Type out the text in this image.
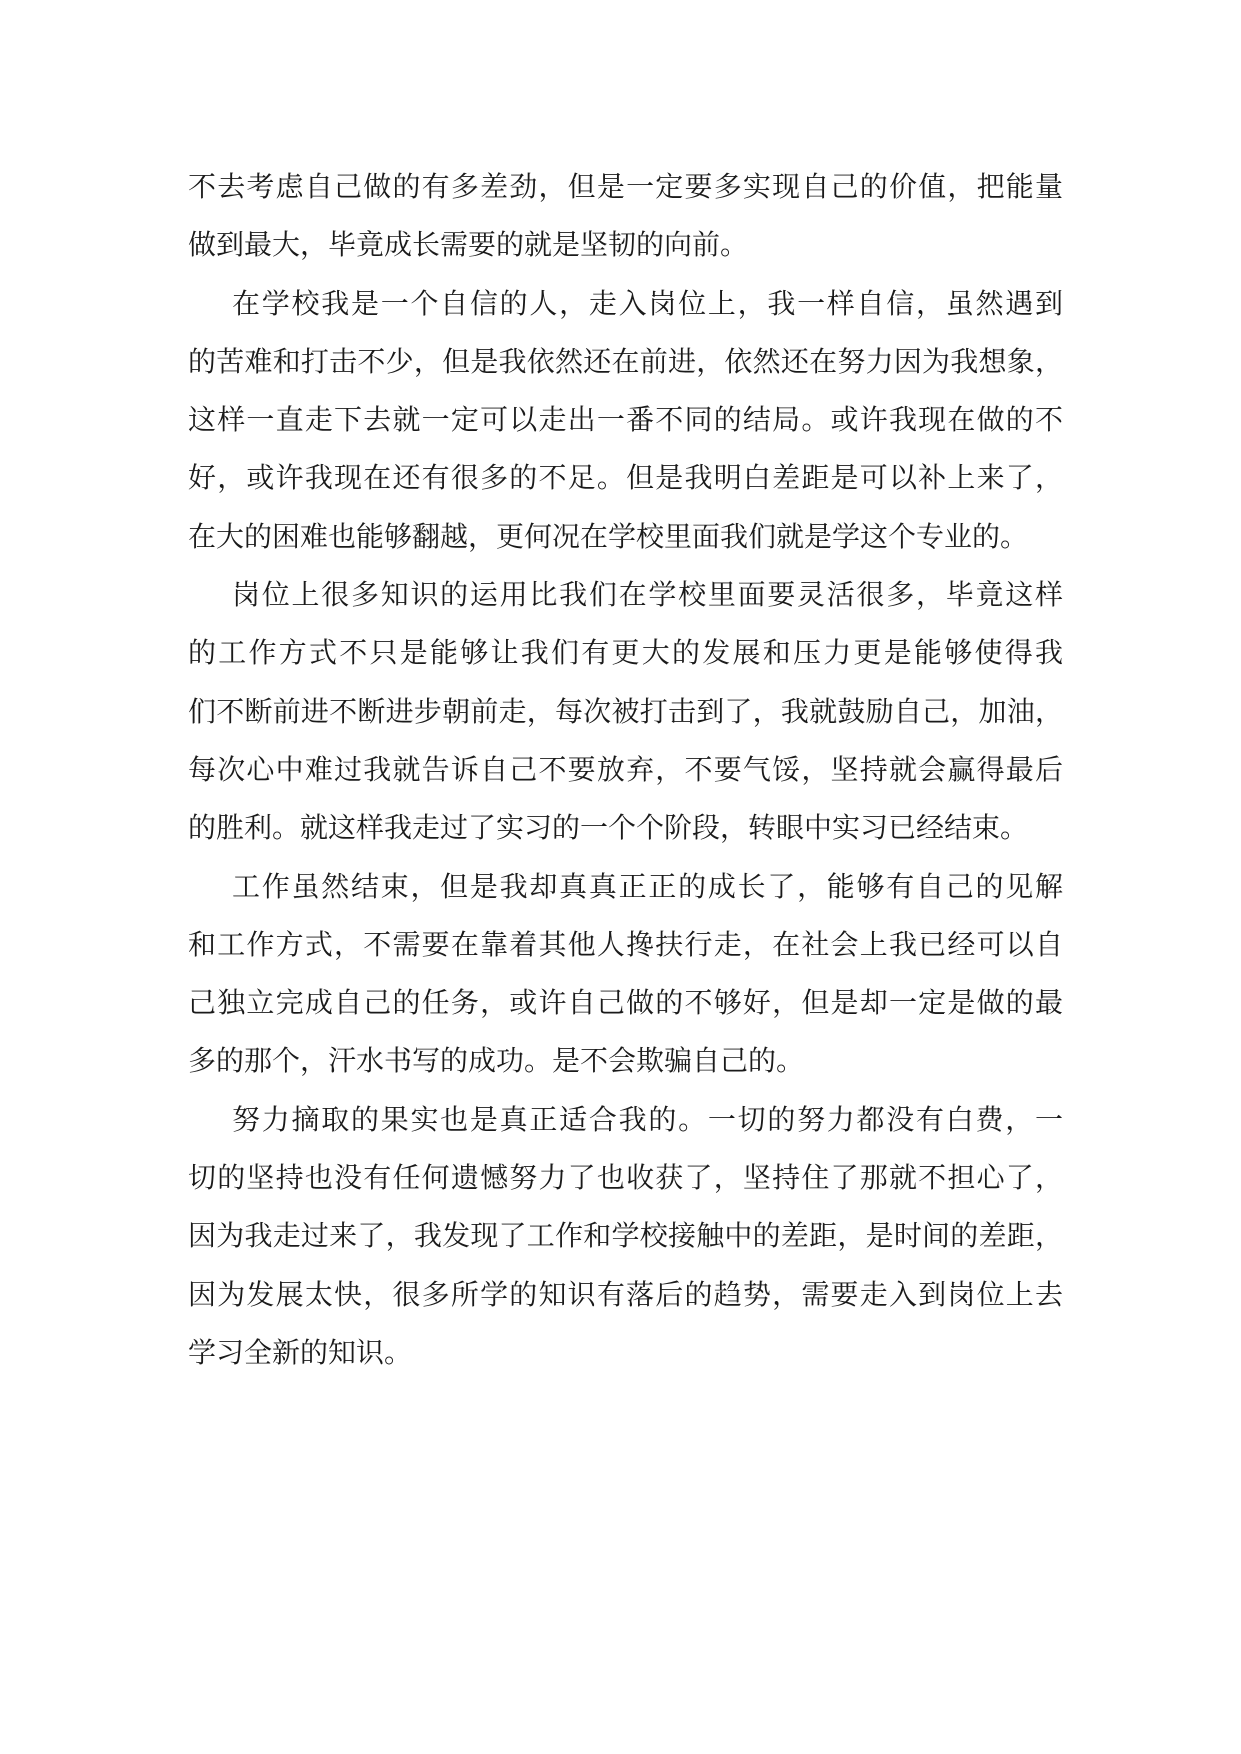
不去考虑自己做的有多差劲，但是一定要多实现自己的价值，把能量
做到最大，毕竟成长需要的就是坚韧的向前。
在学校我是一个自信的人，走入岗位上，我一样自信，虽然遇到
的苦难和打击不少，但是我依然还在前进，依然还在努力因为我想象，
这样一直走下去就一定可以走出一番不同的结局。或许我现在做的不
好，或许我现在还有很多的不足。但是我明白差距是可以补上来了，
在大的困难也能够翻越，更何况在学校里面我们就是学这个专业的。
岗位上很多知识的运用比我们在学校里面要灵活很多，毕竟这样
的工作方式不只是能够让我们有更大的发展和压力更是能够使得我
们不断前进不断进步朝前走，每次被打击到了，我就鼓励自己，加油，
每次心中难过我就告诉自己不要放弃，不要气馁，坚持就会赢得最后
的胜利。就这样我走过了实习的一个个阶段，转眼中实习已经结束。
工作虽然结束，但是我却真真正正的成长了，能够有自己的见解
和工作方式，不需要在靠着其他人搀扶行走，在社会上我已经可以自
己独立完成自己的任务，或许自己做的不够好，但是却一定是做的最
多的那个，汗水书写的成功。是不会欺骗自己的。
努力摘取的果实也是真正适合我的。一切的努力都没有白费，一
切的坚持也没有任何遗憾努力了也收获了，坚持住了那就不担心了，
因为我走过来了，我发现了工作和学校接触中的差距，是时间的差距，
因为发展太快，很多所学的知识有落后的趋势，需要走入到岗位上去
学习全新的知识。
